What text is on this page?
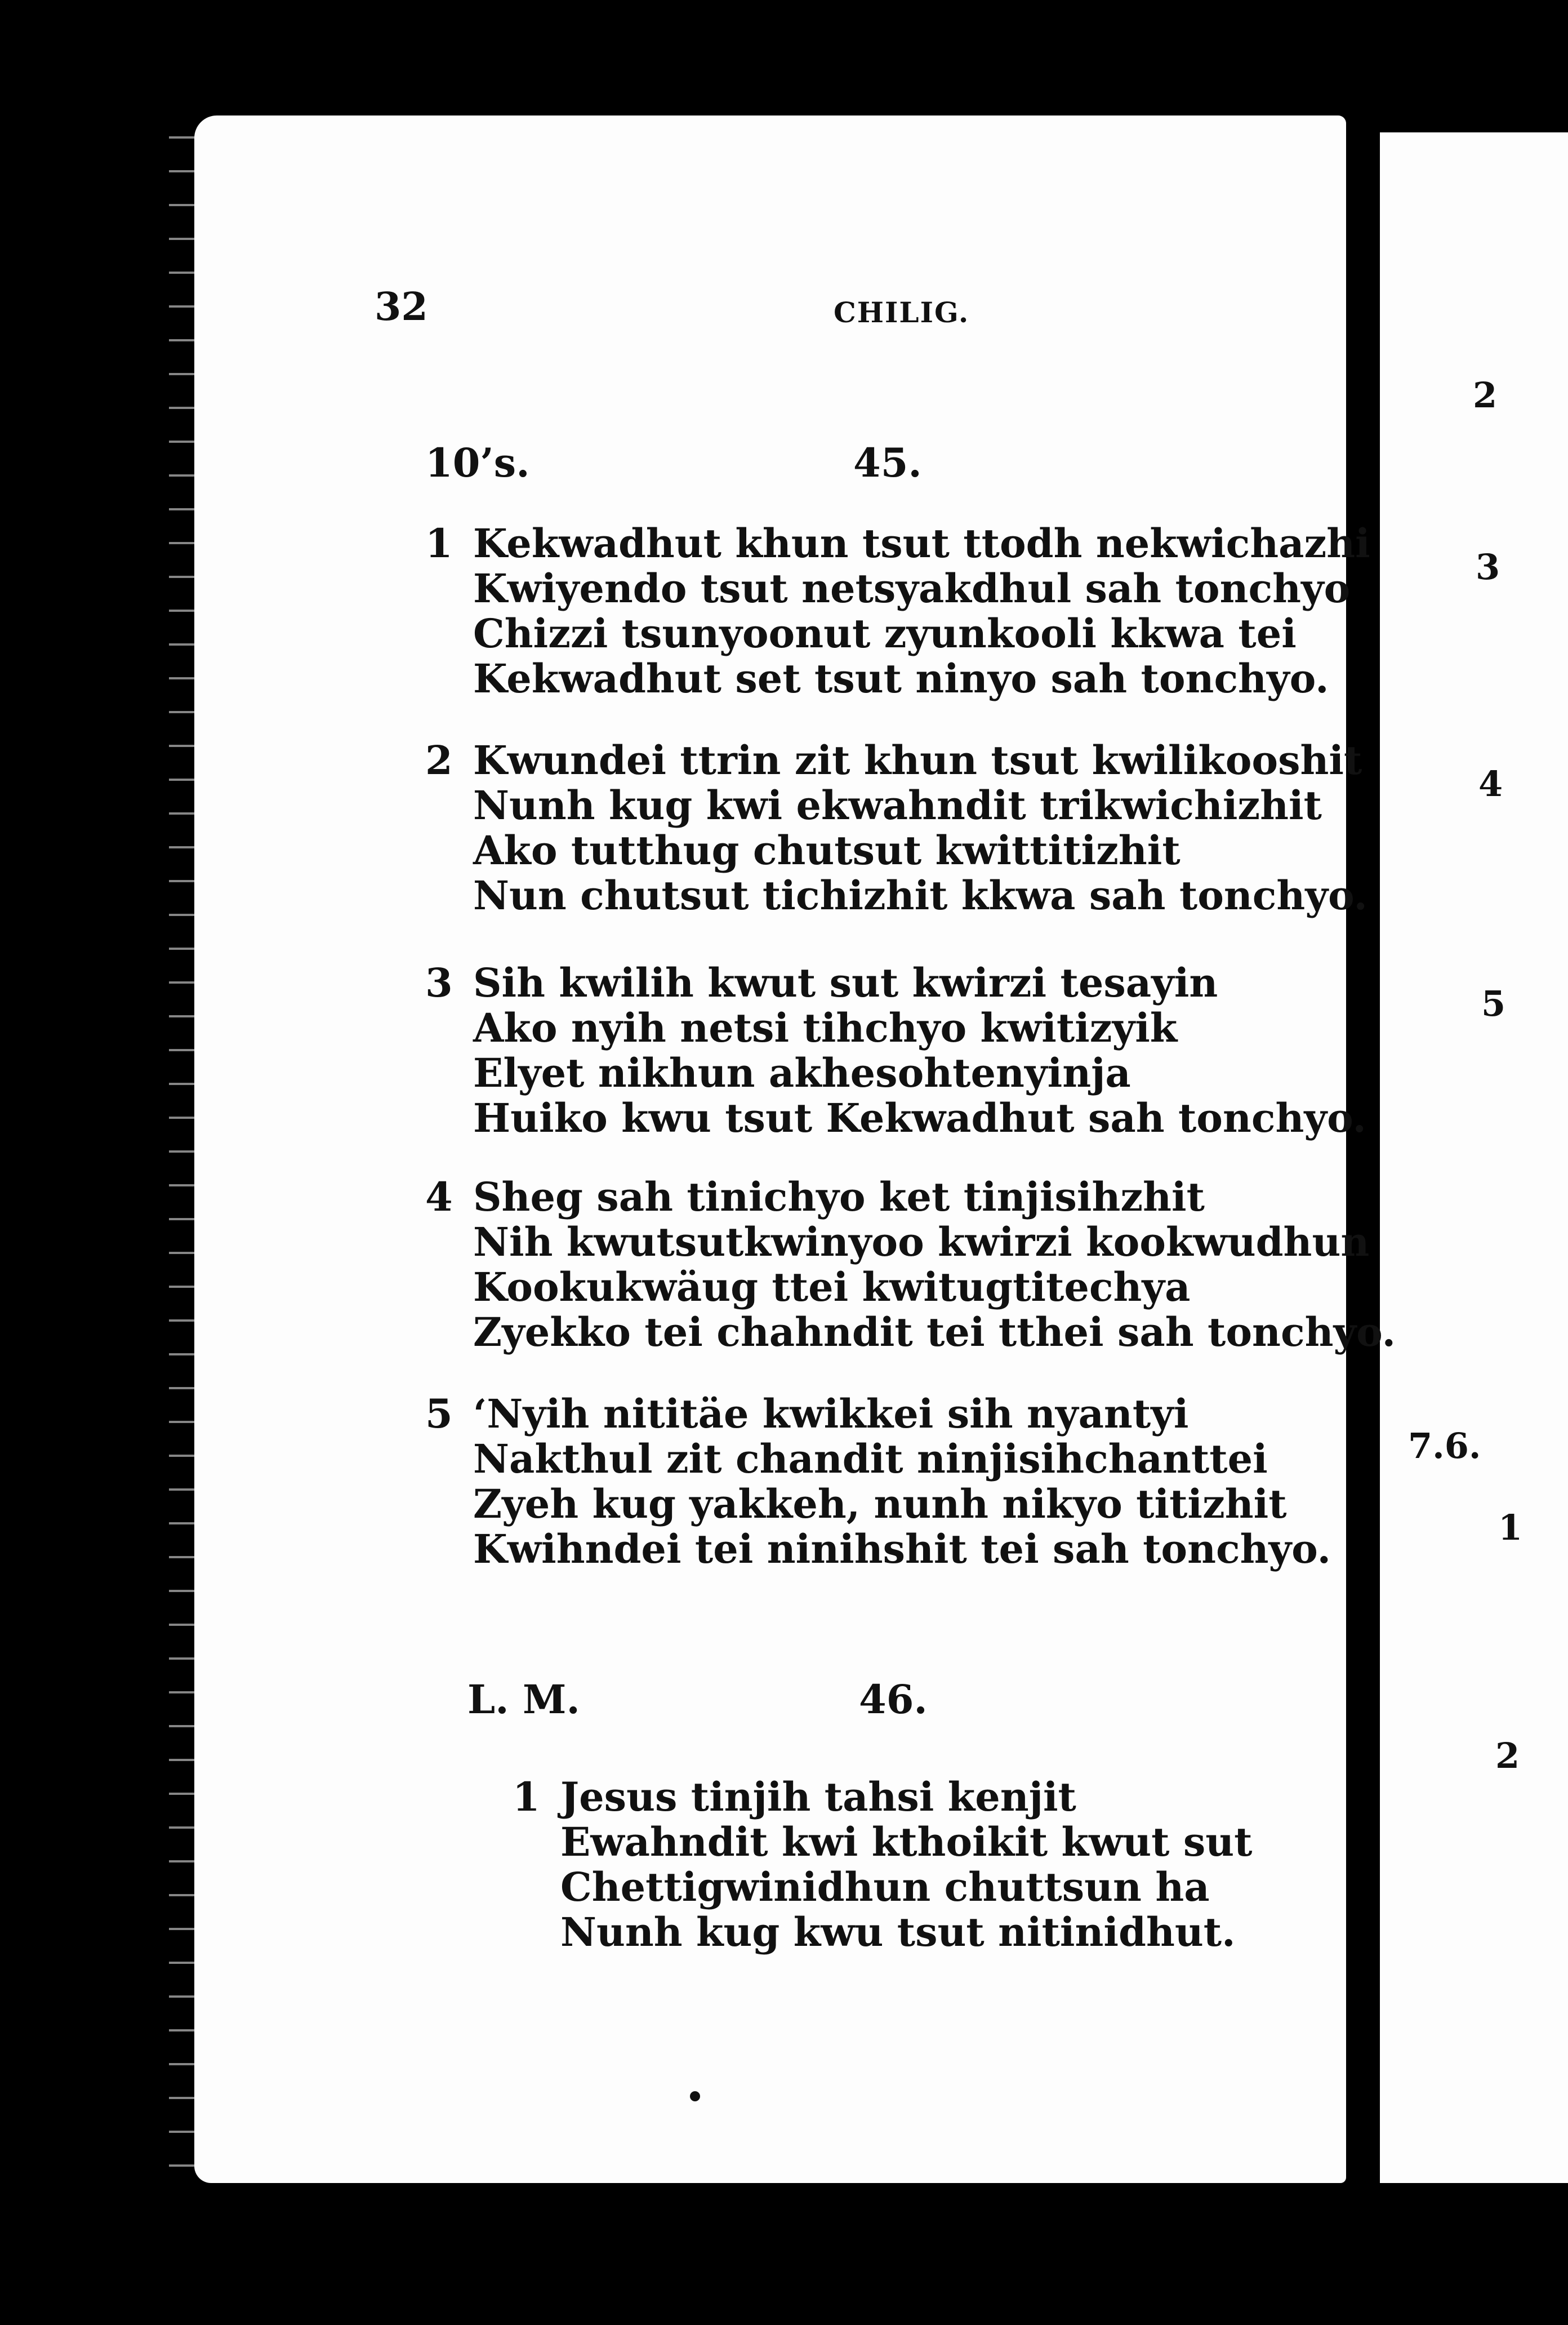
2
3
4
5
7.6.
1
2
32	CHILIG.
10’s.	45.
1 Kekwadhut khun tsut ttodh nekwichazhi
Kwiyendo tsut netsyakdhul sah tonchyo
Chizzi tsunyoonut zyunkooli kkwa tei
Kekwadhut set tsut ninyo sah tonchyo.
2 Kwundei ttrin zit khun tsut kwilikooshit
Nunh kug kwi ekwahndit trikwichizhit
Ako tutthug chutsut kwittitizhit
Nun chutsut tichizhit kkwa sah tonchyo.
3 Sih kwilih kwut sut kwirzi tesayin
Ako nyih netsi tihchyo kwitizyik
Elyet nikhun akhesohtenyinja
Huiko kwu tsut Kekwadhut sah tonchyo.
4 Sheg sah tinichyo ket tinjisihzhit
Nih kwutsutkwinyoo kwirzi kookwudhun
Kookukwäug ttei kwitugtitechya
Zyekko tei chahndit tei tthei sah tonchyo.
5 ‘Nyih nititäe kwikkei sih nyantyi
Nakthul zit chandit ninjisihchanttei
Zyeh kug yakkeh, nunh nikyo titizhit
Kwihndei tei ninihshit tei sah tonchyo.
L. M.	46.
1 Jesus tinjih tahsi kenjit
Ewahndit kwi kthoikit kwut sut
Chettigwinidhun chuttsun ha
Nunh kug kwu tsut nitinidhut.
